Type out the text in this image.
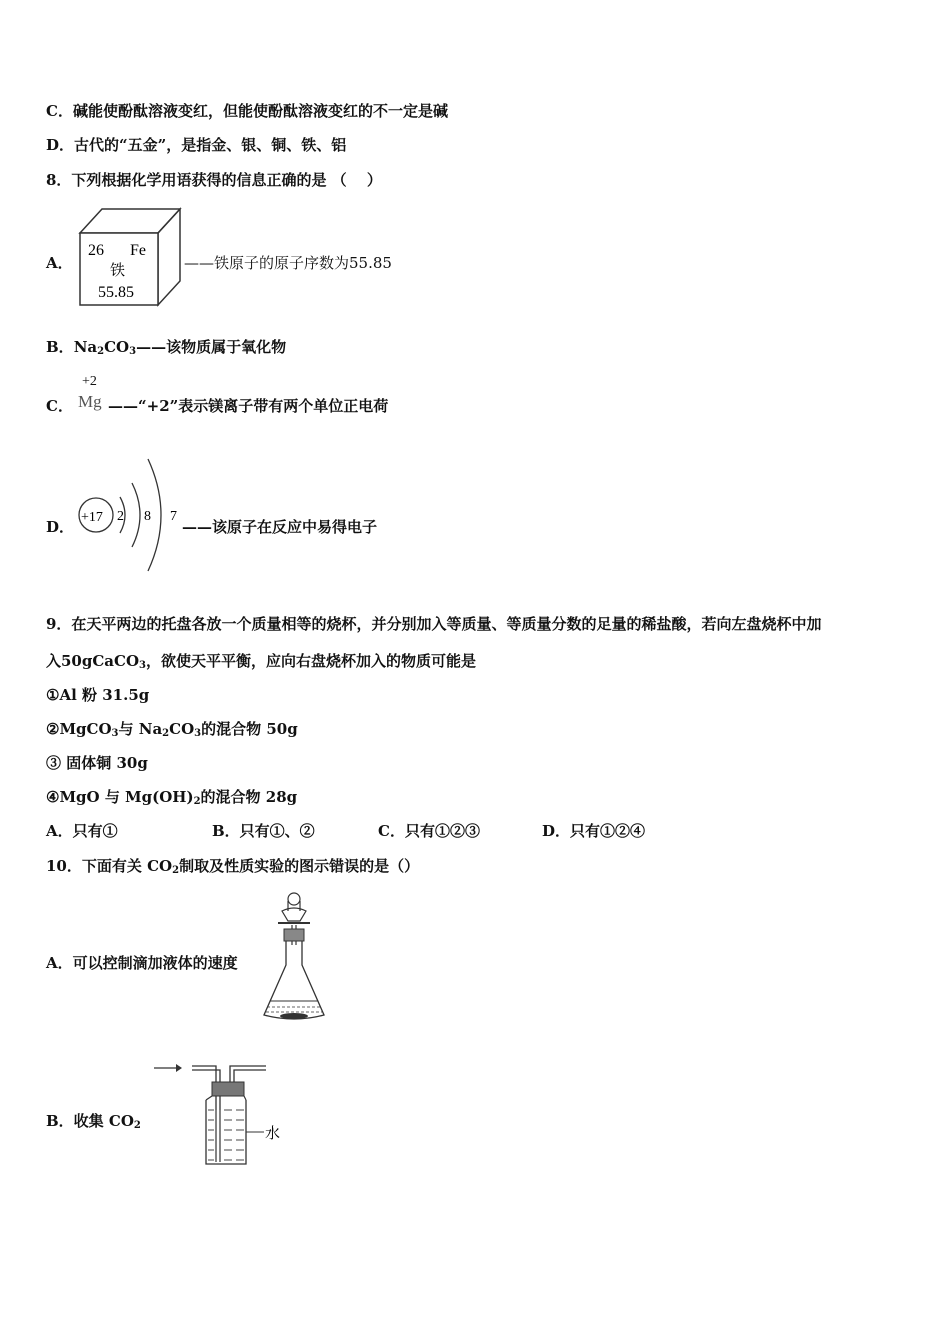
C．碱能使酚酞溶液变红，但能使酚酞溶液变红的不一定是碱
D．古代的“五金”，是指金、银、铜、铁、铝
8．下列根据化学用语获得的信息正确的是 （　 ）
A．
26 Fe
铁
55.85
——铁原子的原子序数为55.85
B．$Na_2CO_3——$该物质属于氧化物
C．
+2
Mg ——“+2”表示镁离子带有两个单位正电荷
D．
+17 2 8 7
——该原子在反应中易得电子
9．在天平两边的托盘各放一个质量相等的烧杯，并分别加入等质量、等质量分数的足量的稀盐酸，若向左盘烧杯中加
入50gCaCO$_3$，欲使天平平衡，应向右盘烧杯加入的物质可能是
①Al 粉 31.5g
②MgCO$_3$与 $Na_2CO_3$的混合物 50g
③ 固体铜 30g
④MgO 与 $Mg(OH)_2$的混合物 28g
A．只有①	B．只有①、②	C．只有①②③	D．只有①②④
10．下面有关 $CO_2$制取及性质实验的图示错误的是（）
A．可以控制滴加液体的速度
B．收集 $CO_2$	水
